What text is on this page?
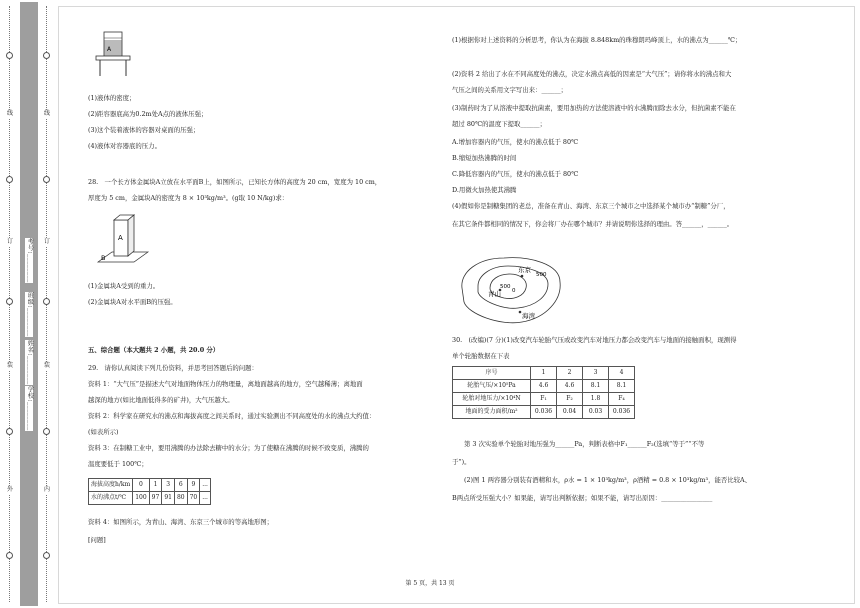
线
订
装
外
线
订
装
内
考号:________
班级:________
姓名:________
学校:________
A
(1)液体的密度；
(2)距容器底高为0.2m处A点的液体压强；
(3)这个装着液体的容器对桌面的压强；
(4)液体对容器底的压力。
28.　一个长方体金属块A立放在水平面B上，如图所示，已知长方体的高度为 20 cm，宽度为 10 cm，
厚度为 5 cm，金属块A的密度为 8 × 10³kg/m³。(g取 10 N/kg)求：
A
B
(1)金属块A受到的重力。
(2)金属块A对水平面B的压强。
五、综合题（本大题共 2 小题，共 20.0 分）
29.　请你认真阅读下列几份资料，并思考回答题后的问题：
资料 1：“大气压”是描述大气对地面物体压力的物理量，离地面越高的地方，空气越稀薄；离地面
越深的地方(如比地面低得多的矿井)，大气压越大。
资料 2：科学家在研究水的沸点和海拔高度之间关系时，通过实验测出不同高度处的水的沸点大约值：
(如表所示)
资料 3：在制糖工业中，要用沸腾的办法除去糖中的水分；为了使糖在沸腾的时候不致变质，沸腾的
温度要低于 100℃；
海拔高度h/km	0	1	3	6	9	...
水的沸点t/℃	100	97	91	80	70	...
资料 4：如图所示，为青山、海湾、东京三个城市的等高地形图；
[问题]
(1)根据你对上述资料的分析思考，你认为在海拔 8.848km的珠穆朗玛峰顶上，水的沸点为______℃；
(2)资料 2 给出了水在不同高度处的沸点，决定水沸点高低的因素是“大气压”；请你将水的沸点和大
气压之间的关系用文字写出来：______；
(3)制药时为了从溶液中提取抗菌素，要用加热的方法使溶液中的水沸腾而除去水分，但抗菌素不能在
超过 80℃的温度下提取______；
A.增加容器内的气压，使水的沸点低于 80℃
B.缩短加热沸腾的时间
C.降低容器内的气压，使水的沸点低于 80℃
D.用微火加热使其沸腾
(4)假如你是制糖集团的老总，准备在青山、海湾、东京三个城市之中选择某个城市办“制糖”分厂，
在其它条件都相同的情况下，你会将厂办在哪个城市？并请说明你选择的理由。答______，______。
东京
500
500
0
青山
海湾
30.　(改编)(7 分)(1)改变汽车轮胎气压或改变汽车对地压力都会改变汽车与地面的接触面积，现测得
单个轮胎数据在下表
序号	1	2	3	4
轮胎气压/×10⁵Pa	4.6	4.6	8.1	8.1
轮胎对地压力/×10⁴N	F₁	F₂	1.8	F₄
地面的受力面积/m²	0.036	0.04	0.03	0.036
第 3 次实验单个轮胎对地压强为______Pa，判断表格中F₁______F₂(选填“等于”“不等
于”)。
(2)图 1 两容器分别装有酒精和水，ρ水 = 1 × 10³kg/m³，ρ酒精 = 0.8 × 10³kg/m³，能否比较A、
B两点所受压强大小？如果能，请写出判断依据；如果不能，请写出原因：________________
第 5 页，共 13 页
